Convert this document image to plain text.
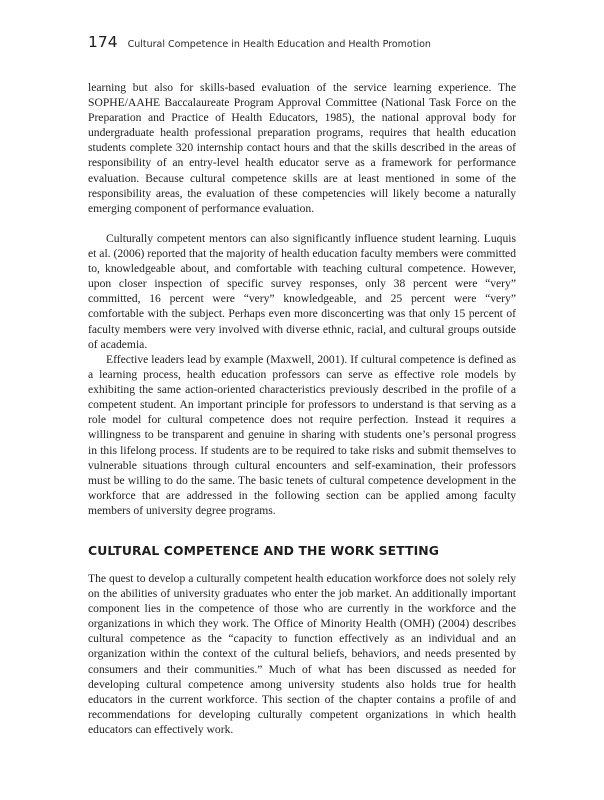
174 Cultural Competence in Health Education and Health Promotion

learning but also for skills-based evaluation of the service learning experience. The SOPHE/AAHE Baccalaureate Program Approval Committee (National Task Force on the Preparation and Practice of Health Educators, 1985), the national approval body for undergraduate health professional preparation programs, requires that health education students complete 320 internship contact hours and that the skills described in the areas of responsibility of an entry-level health educator serve as a framework for performance evaluation. Because cultural competence skills are at least mentioned in some of the responsibility areas, the evaluation of these competencies will likely become a naturally emerging component of performance evaluation.

Culturally competent mentors can also significantly influence student learning. Luquis et al. (2006) reported that the majority of health education faculty members were committed to, knowledgeable about, and comfortable with teaching cultural competence. However, upon closer inspection of specific survey responses, only 38 percent were “very” committed, 16 percent were “very” knowledgeable, and 25 percent were “very” comfortable with the subject. Perhaps even more disconcerting was that only 15 percent of faculty members were very involved with diverse ethnic, racial, and cultural groups outside of academia.

Effective leaders lead by example (Maxwell, 2001). If cultural competence is defined as a learning process, health education professors can serve as effective role models by exhibiting the same action-oriented characteristics previously described in the profile of a competent student. An important principle for professors to understand is that serving as a role model for cultural competence does not require perfection. Instead it requires a willingness to be transparent and genuine in sharing with students one’s personal progress in this lifelong process. If students are to be required to take risks and submit themselves to vulnerable situations through cultural encounters and self-examination, their professors must be willing to do the same. The basic tenets of cultural competence development in the workforce that are addressed in the following section can be applied among faculty members of university degree programs.

CULTURAL COMPETENCE AND THE WORK SETTING

The quest to develop a culturally competent health education workforce does not solely rely on the abilities of university graduates who enter the job market. An additionally important component lies in the competence of those who are currently in the workforce and the organizations in which they work. The Office of Minority Health (OMH) (2004) describes cultural competence as the “capacity to function effectively as an individual and an organization within the context of the cultural beliefs, behaviors, and needs presented by consumers and their communities.” Much of what has been discussed as needed for developing cultural competence among university students also holds true for health educators in the current workforce. This section of the chapter contains a profile of and recommendations for developing culturally competent organizations in which health educators can effectively work.
